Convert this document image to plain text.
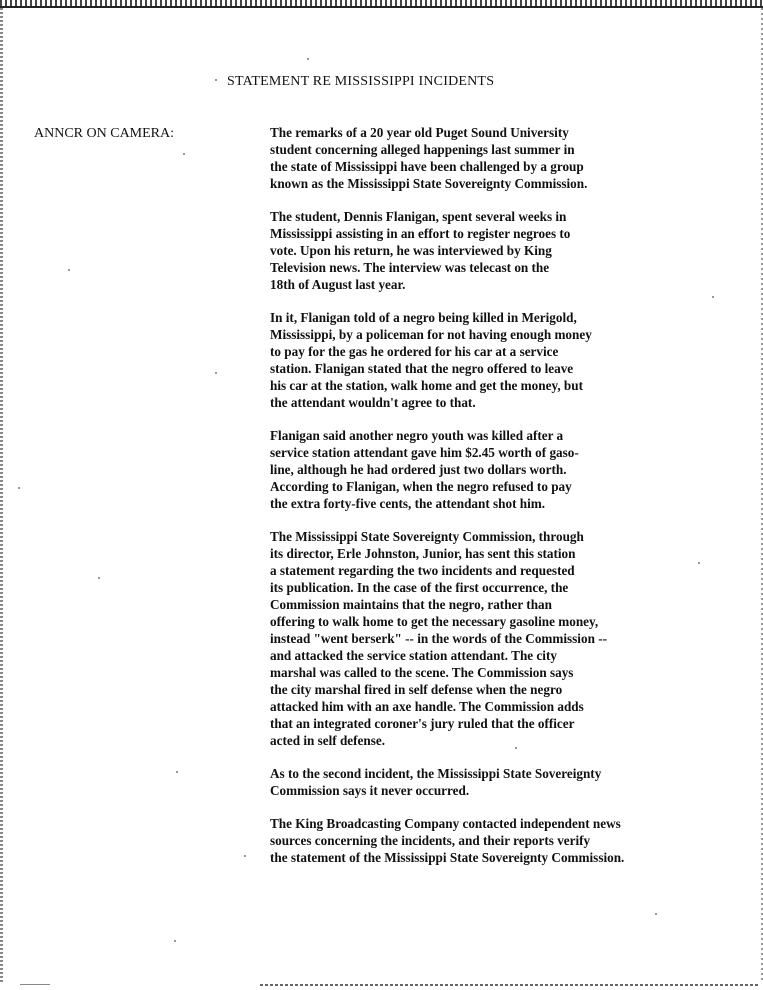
STATEMENT RE MISSISSIPPI INCIDENTS
ANNCR ON CAMERA:	The remarks of a 20 year old Puget Sound University
student concerning alleged happenings last summer in
the state of Mississippi have been challenged by a group
known as the Mississippi State Sovereignty Commission.

The student, Dennis Flanigan, spent several weeks in
Mississippi assisting in an effort to register negroes to
vote. Upon his return, he was interviewed by King
Television news. The interview was telecast on the
18th of August last year.

In it, Flanigan told of a negro being killed in Merigold,
Mississippi, by a policeman for not having enough money
to pay for the gas he ordered for his car at a service
station. Flanigan stated that the negro offered to leave
his car at the station, walk home and get the money, but
the attendant wouldn't agree to that.

Flanigan said another negro youth was killed after a
service station attendant gave him $2.45 worth of gaso-
line, although he had ordered just two dollars worth.
According to Flanigan, when the negro refused to pay
the extra forty-five cents, the attendant shot him.

The Mississippi State Sovereignty Commission, through
its director, Erle Johnston, Junior, has sent this station
a statement regarding the two incidents and requested
its publication. In the case of the first occurrence, the
Commission maintains that the negro, rather than
offering to walk home to get the necessary gasoline money,
instead "went berserk" -- in the words of the Commission --
and attacked the service station attendant. The city
marshal was called to the scene. The Commission says
the city marshal fired in self defense when the negro
attacked him with an axe handle. The Commission adds
that an integrated coroner's jury ruled that the officer
acted in self defense.

As to the second incident, the Mississippi State Sovereignty
Commission says it never occurred.

The King Broadcasting Company contacted independent news
sources concerning the incidents, and their reports verify
the statement of the Mississippi State Sovereignty Commission.
